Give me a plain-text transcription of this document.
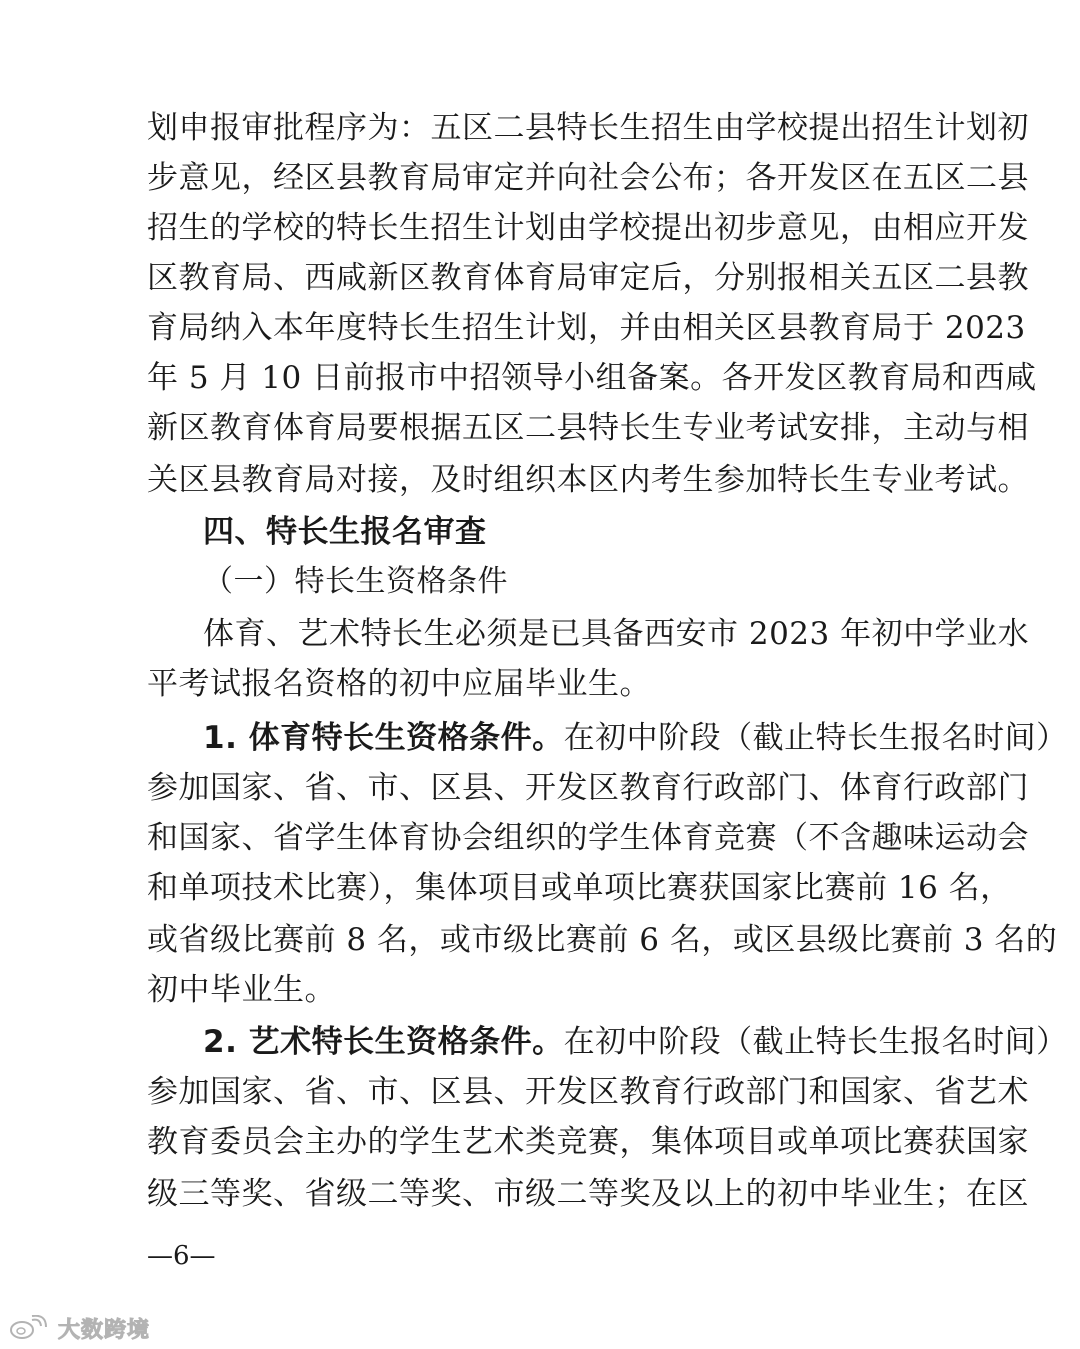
划申报审批程序为：五区二县特长生招生由学校提出招生计划初
步意见，经区县教育局审定并向社会公布；各开发区在五区二县
招生的学校的特长生招生计划由学校提出初步意见，由相应开发
区教育局、西咸新区教育体育局审定后，分别报相关五区二县教
育局纳入本年度特长生招生计划，并由相关区县教育局于 2023
年 5 月 10 日前报市中招领导小组备案。各开发区教育局和西咸
新区教育体育局要根据五区二县特长生专业考试安排，主动与相
关区县教育局对接，及时组织本区内考生参加特长生专业考试。
四、特长生报名审查
（一）特长生资格条件
体育、艺术特长生必须是已具备西安市 2023 年初中学业水
平考试报名资格的初中应届毕业生。
1. 体育特长生资格条件。 在初中阶段（截止特长生报名时间）
参加国家、省、市、区县、开发区教育行政部门、体育行政部门
和国家、省学生体育协会组织的学生体育竞赛（不含趣味运动会
和单项技术比赛），集体项目或单项比赛获国家比赛前 16 名，
或省级比赛前 8 名，或市级比赛前 6 名，或区县级比赛前 3 名的
初中毕业生。
2. 艺术特长生资格条件。 在初中阶段（截止特长生报名时间）
参加国家、省、市、区县、开发区教育行政部门和国家、省艺术
教育委员会主办的学生艺术类竞赛，集体项目或单项比赛获国家
级三等奖、省级二等奖、市级二等奖及以上的初中毕业生；在区
—6—
大数跨境
